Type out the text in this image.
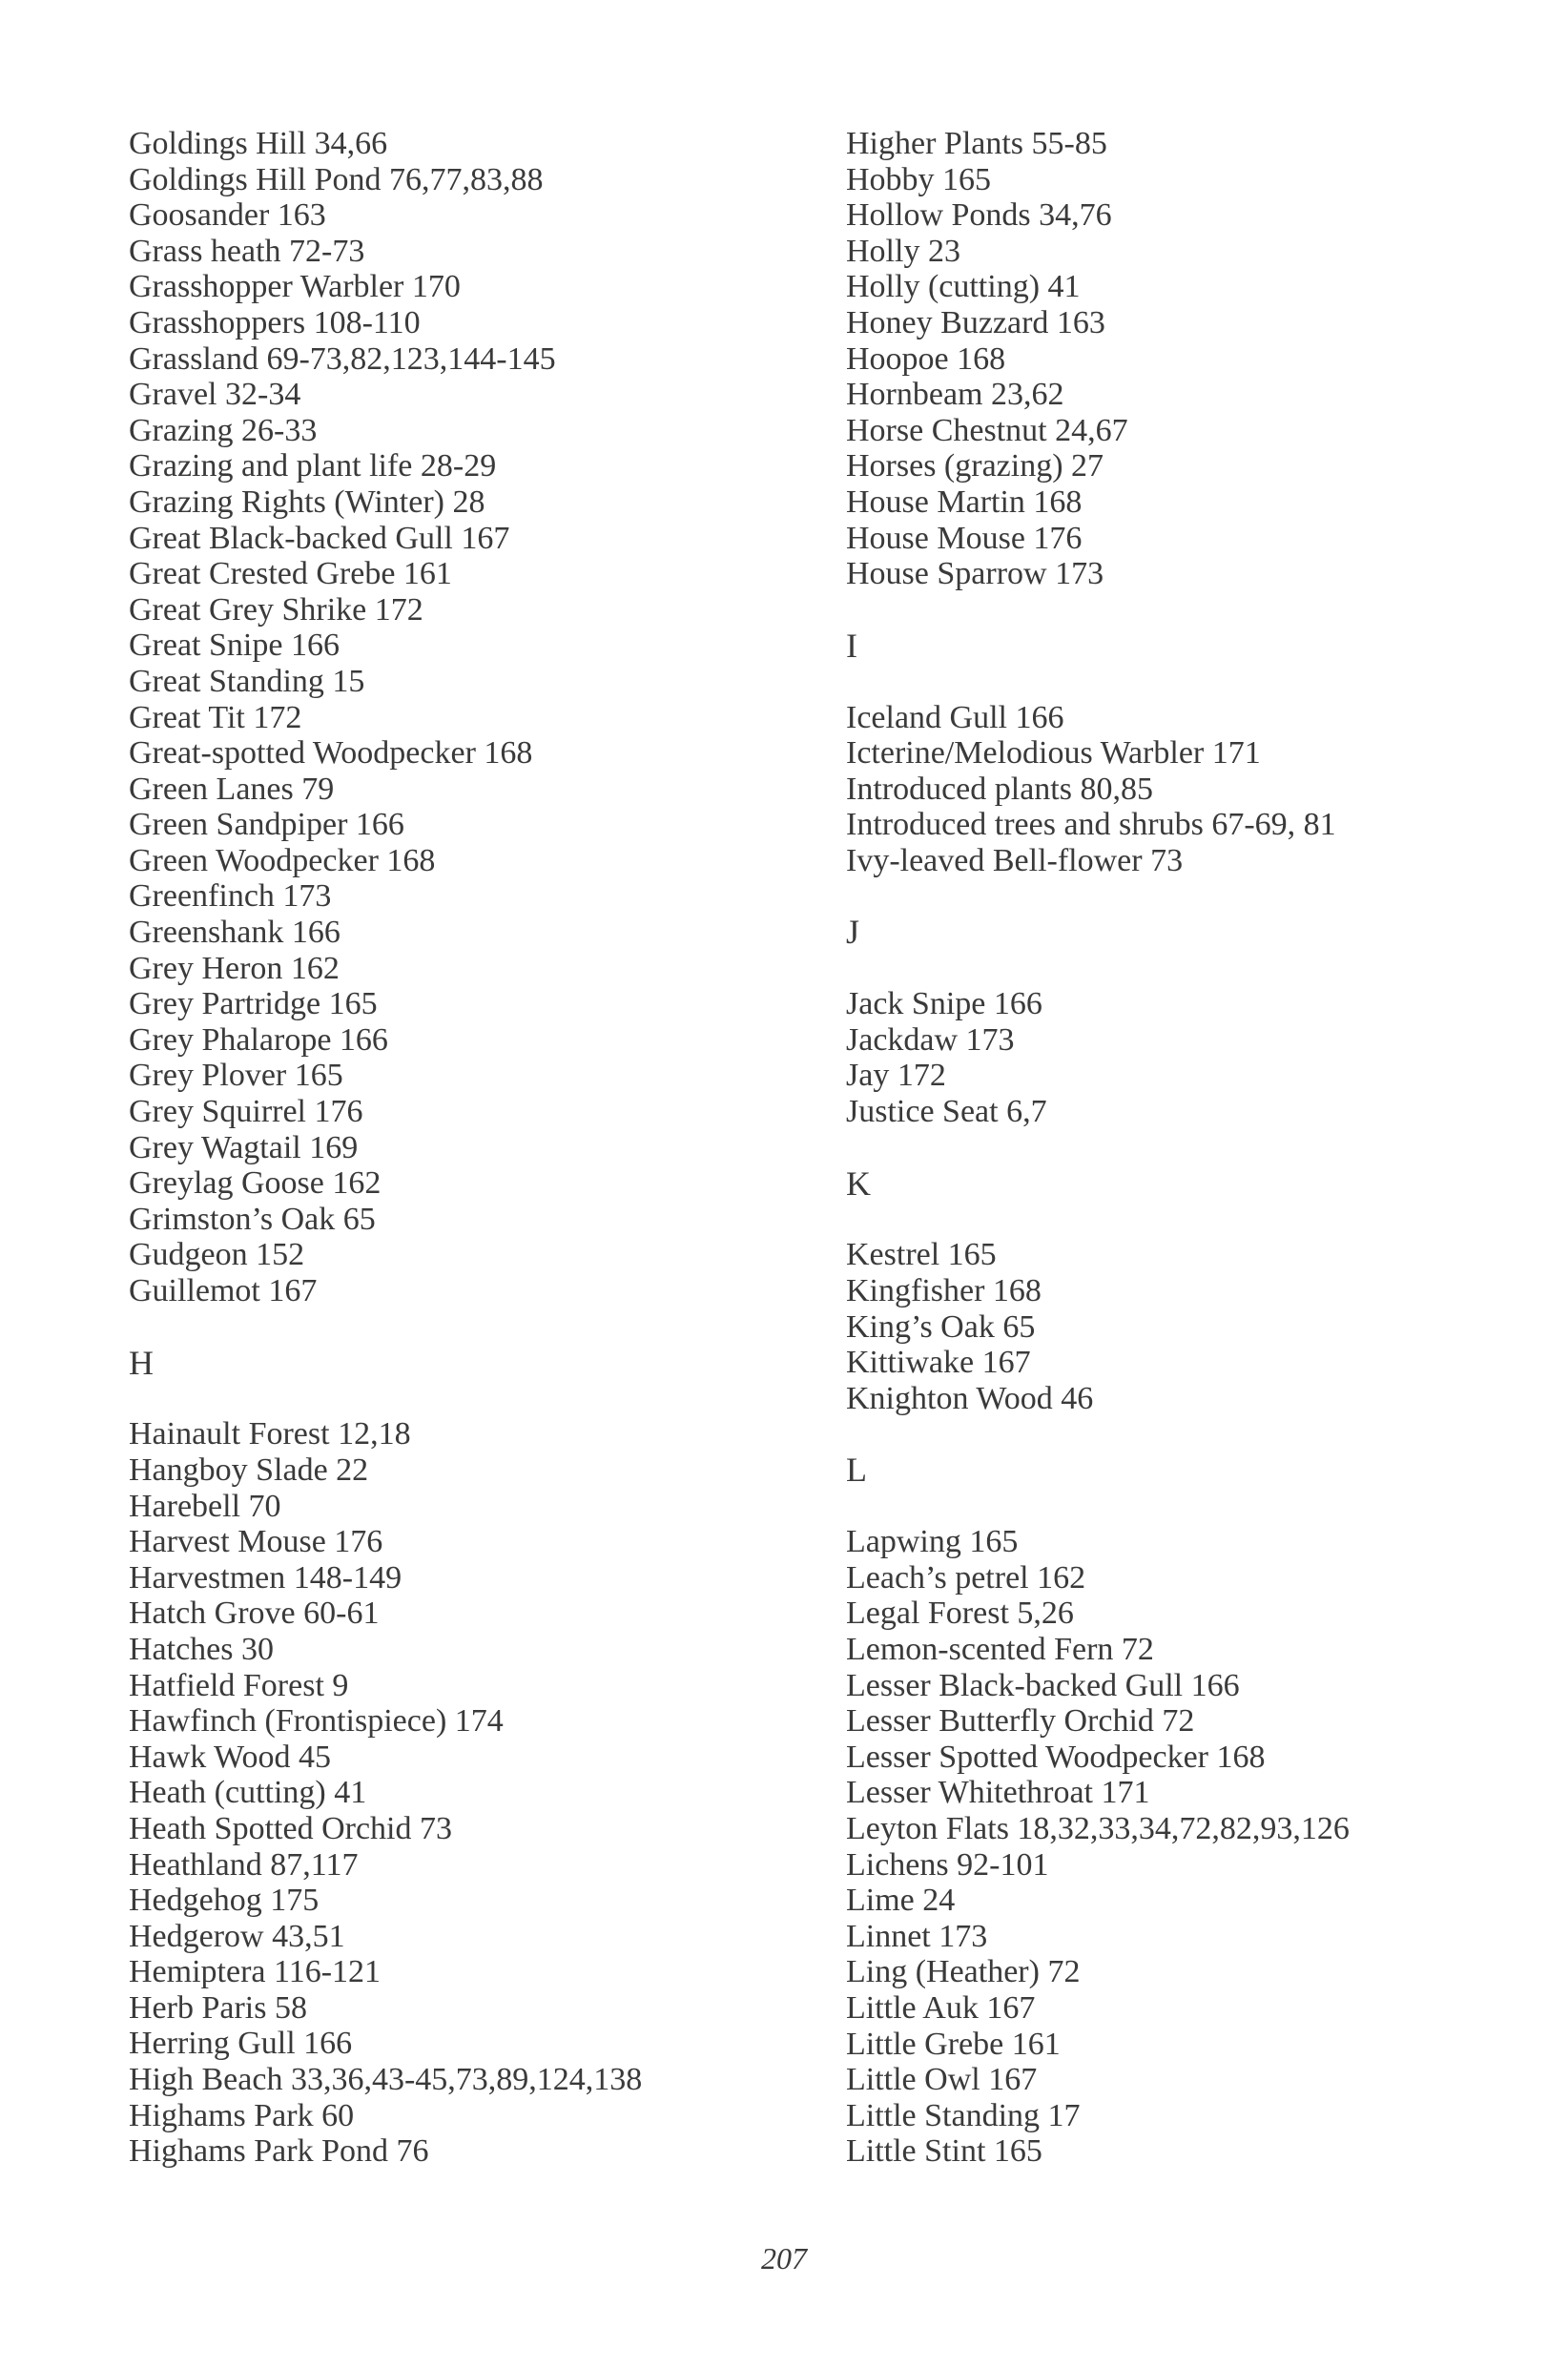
Goldings Hill 34,66
Goldings Hill Pond 76,77,83,88
Goosander 163
Grass heath 72-73
Grasshopper Warbler 170
Grasshoppers 108-110
Grassland 69-73,82,123,144-145
Gravel 32-34
Grazing 26-33
Grazing and plant life 28-29
Grazing Rights (Winter) 28
Great Black-backed Gull 167
Great Crested Grebe 161
Great Grey Shrike 172
Great Snipe 166
Great Standing 15
Great Tit 172
Great-spotted Woodpecker 168
Green Lanes 79
Green Sandpiper 166
Green Woodpecker 168
Greenfinch 173
Greenshank 166
Grey Heron 162
Grey Partridge 165
Grey Phalarope 166
Grey Plover 165
Grey Squirrel 176
Grey Wagtail 169
Greylag Goose 162
Grimston’s Oak 65
Gudgeon 152
Guillemot 167
H
Hainault Forest 12,18
Hangboy Slade 22
Harebell 70
Harvest Mouse 176
Harvestmen 148-149
Hatch Grove 60-61
Hatches 30
Hatfield Forest 9
Hawfinch (Frontispiece) 174
Hawk Wood 45
Heath (cutting) 41
Heath Spotted Orchid 73
Heathland 87,117
Hedgehog 175
Hedgerow 43,51
Hemiptera 116-121
Herb Paris 58
Herring Gull 166
High Beach 33,36,43-45,73,89,124,138
Highams Park 60
Highams Park Pond 76
Higher Plants 55-85
Hobby 165
Hollow Ponds 34,76
Holly 23
Holly (cutting) 41
Honey Buzzard 163
Hoopoe 168
Hornbeam 23,62
Horse Chestnut 24,67
Horses (grazing) 27
House Martin 168
House Mouse 176
House Sparrow 173
I
Iceland Gull 166
Icterine/Melodious Warbler 171
Introduced plants 80,85
Introduced trees and shrubs 67-69, 81
Ivy-leaved Bell-flower 73
J
Jack Snipe 166
Jackdaw 173
Jay 172
Justice Seat 6,7
K
Kestrel 165
Kingfisher 168
King’s Oak 65
Kittiwake 167
Knighton Wood 46
L
Lapwing 165
Leach’s petrel 162
Legal Forest 5,26
Lemon-scented Fern 72
Lesser Black-backed Gull 166
Lesser Butterfly Orchid 72
Lesser Spotted Woodpecker 168
Lesser Whitethroat 171
Leyton Flats 18,32,33,34,72,82,93,126
Lichens 92-101
Lime 24
Linnet 173
Ling (Heather) 72
Little Auk 167
Little Grebe 161
Little Owl 167
Little Standing 17
Little Stint 165
207
